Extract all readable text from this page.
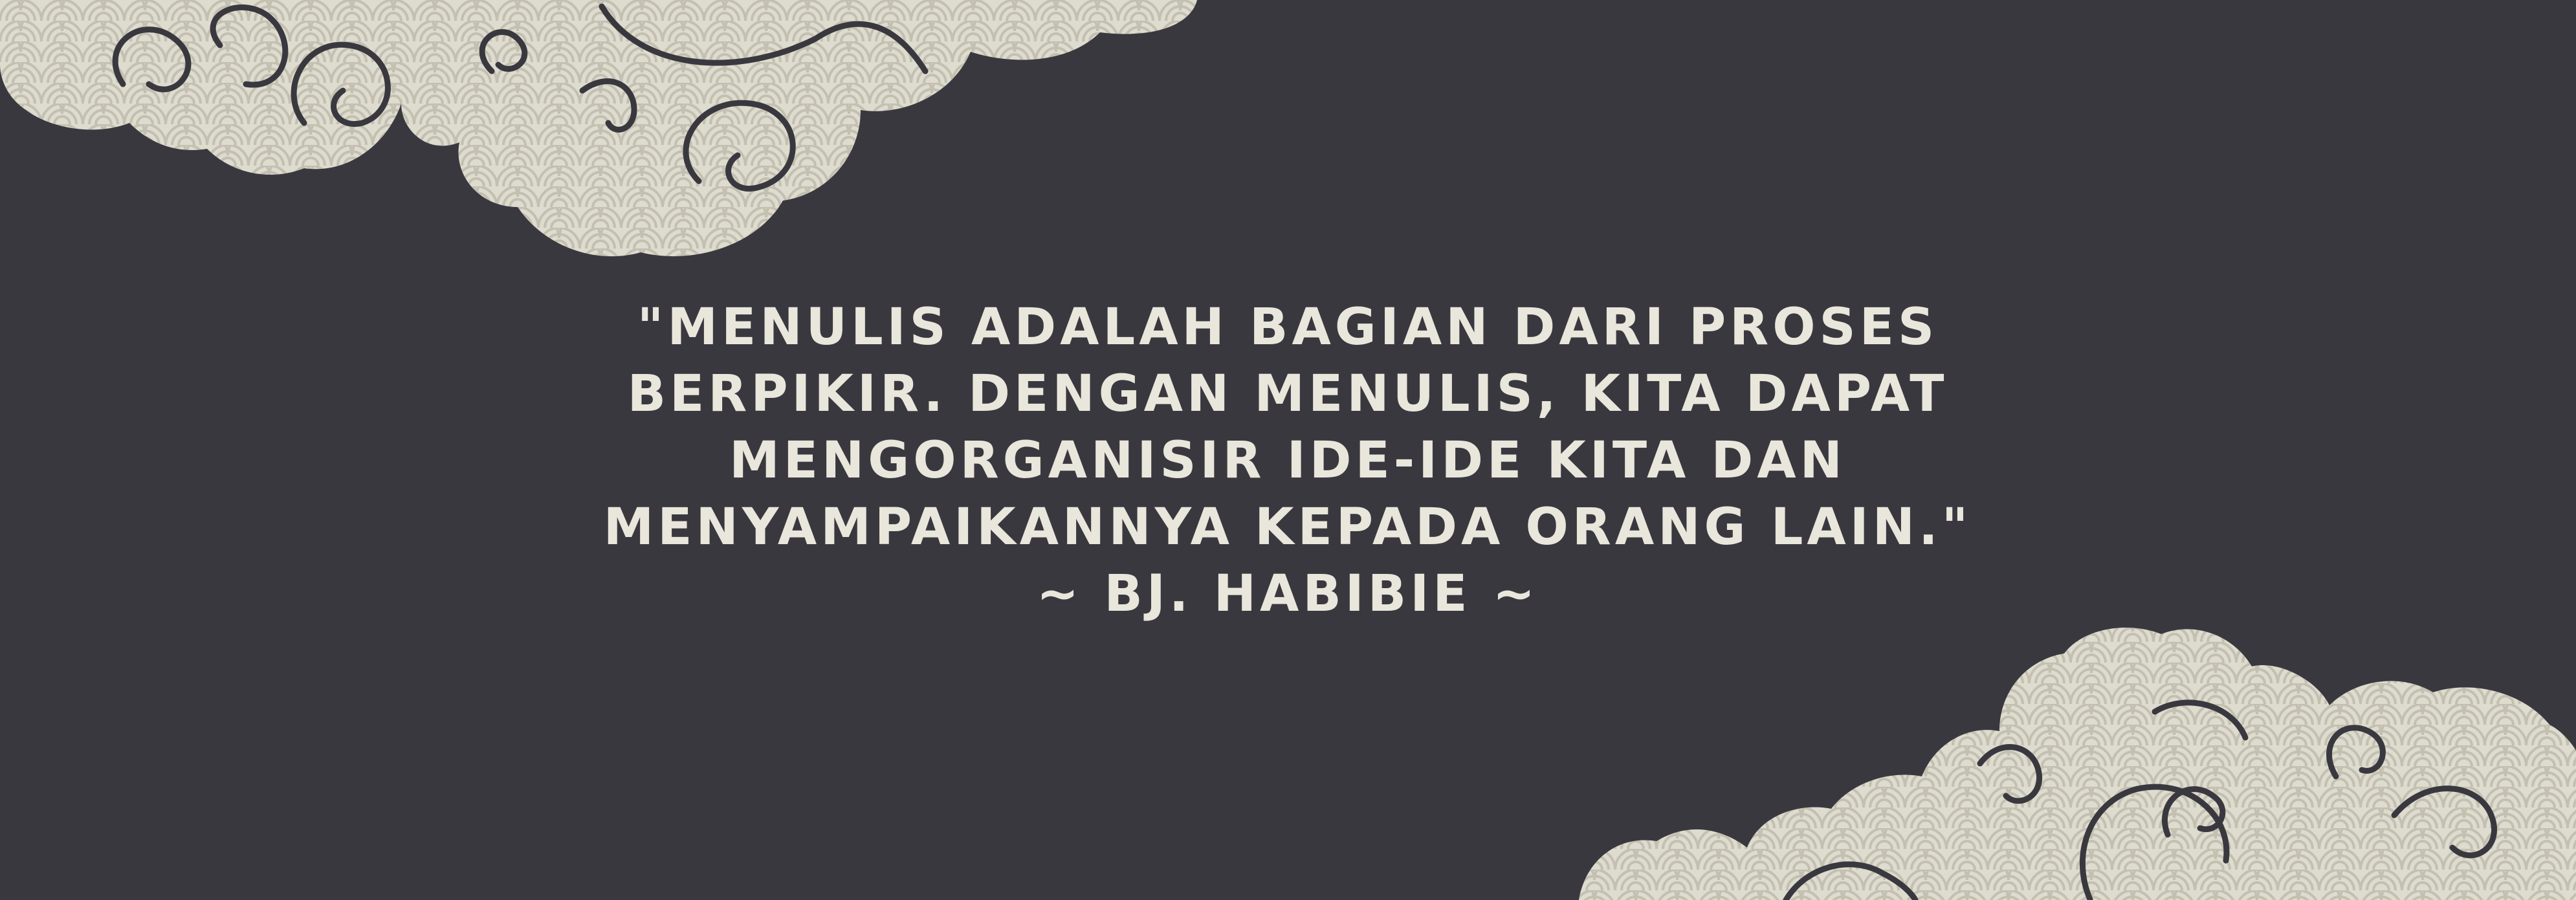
"MENULIS ADALAH BAGIAN DARI PROSES
BERPIKIR. DENGAN MENULIS, KITA DAPAT
MENGORGANISIR IDE-IDE KITA DAN
MENYAMPAIKANNYA KEPADA ORANG LAIN."
~ BJ. HABIBIE ~
